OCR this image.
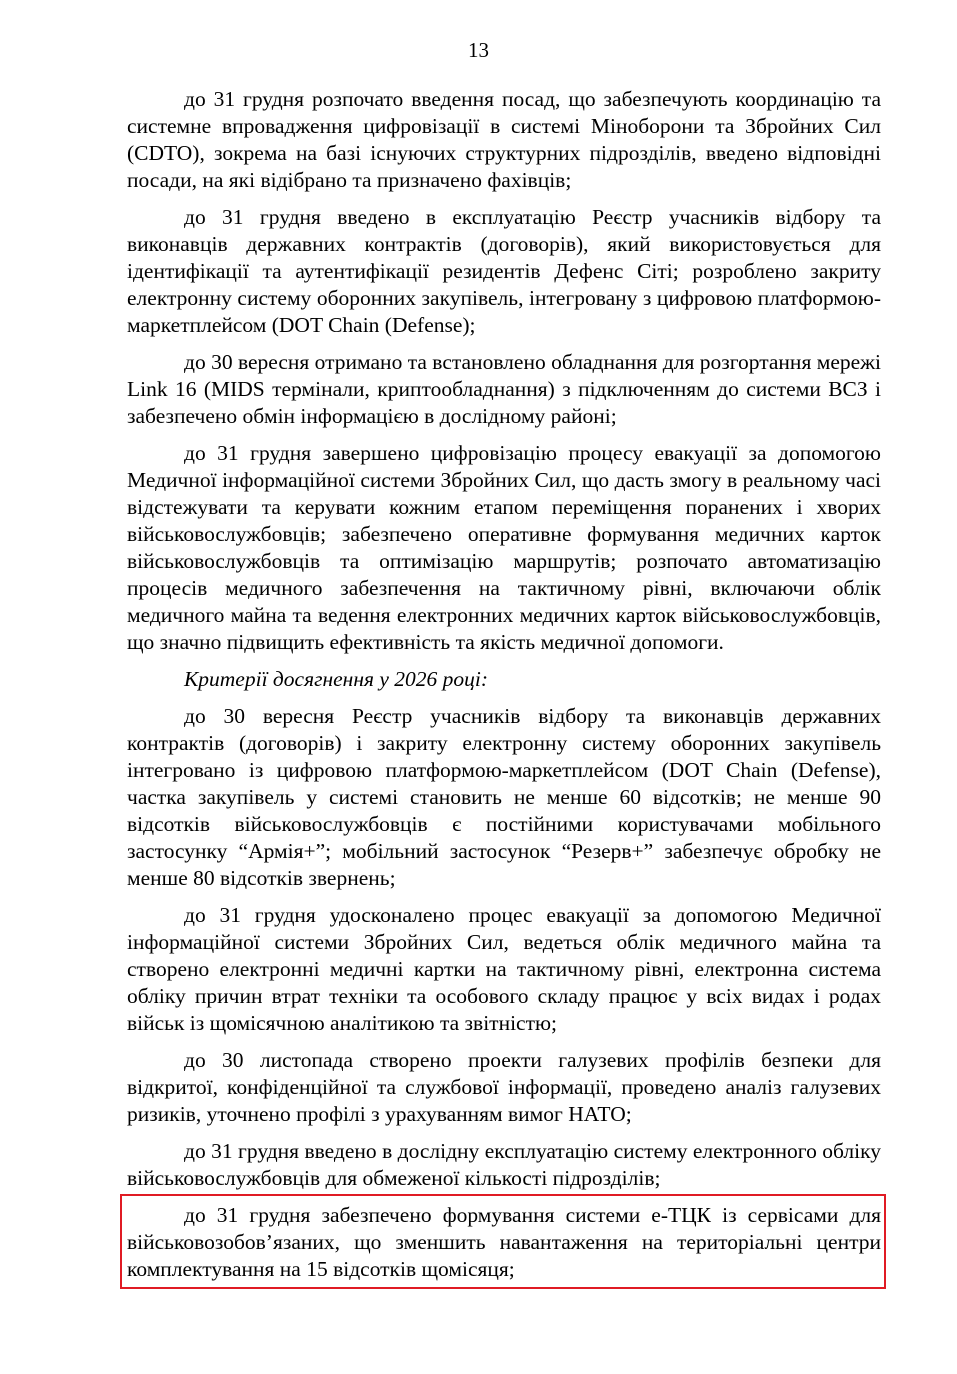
13

до 31 грудня розпочато введення посад, що забезпечують координацію та системне впровадження цифровізації в системі Міноборони та Збройних Сил (CDTO), зокрема на базі існуючих структурних підрозділів, введено відповідні посади, на які відібрано та призначено фахівців;

до 31 грудня введено в експлуатацію Реєстр учасників відбору та виконавців державних контрактів (договорів), який використовується для ідентифікації та аутентифікації резидентів Дефенс Сіті; розроблено закриту електронну систему оборонних закупівель, інтегровану з цифровою платформою-маркетплейсом (DOT Chain (Defense);

до 30 вересня отримано та встановлено обладнання для розгортання мережі Link 16 (MIDS термінали, криптообладнання) з підключенням до системи ВСЗ і забезпечено обмін інформацією в дослідному районі;

до 31 грудня завершено цифровізацію процесу евакуації за допомогою Медичної інформаційної системи Збройних Сил, що дасть змогу в реальному часі відстежувати та керувати кожним етапом переміщення поранених і хворих військовослужбовців; забезпечено оперативне формування медичних карток військовослужбовців та оптимізацію маршрутів; розпочато автоматизацію процесів медичного забезпечення на тактичному рівні, включаючи облік медичного майна та ведення електронних медичних карток військовослужбовців, що значно підвищить ефективність та якість медичної допомоги.

Критерії досягнення у 2026 році:

до 30 вересня Реєстр учасників відбору та виконавців державних контрактів (договорів) і закриту електронну систему оборонних закупівель інтегровано із цифровою платформою-маркетплейсом (DOT Chain (Defense), частка закупівель у системі становить не менше 60 відсотків; не менше 90 відсотків військовослужбовців є постійними користувачами мобільного застосунку “Армія+”; мобільний застосунок “Резерв+” забезпечує обробку не менше 80 відсотків звернень;

до 31 грудня удосконалено процес евакуації за допомогою Медичної інформаційної системи Збройних Сил, ведеться облік медичного майна та створено електронні медичні картки на тактичному рівні, електронна система обліку причин втрат техніки та особового складу працює у всіх видах і родах військ із щомісячною аналітикою та звітністю;

до 30 листопада створено проекти галузевих профілів безпеки для відкритої, конфіденційної та службової інформації, проведено аналіз галузевих ризиків, уточнено профілі з урахуванням вимог НАТО;

до 31 грудня введено в дослідну експлуатацію систему електронного обліку військовослужбовців для обмеженої кількості підрозділів;

до 31 грудня забезпечено формування системи е-ТЦК із сервісами для військовозобов’язаних, що зменшить навантаження на територіальні центри комплектування на 15 відсотків щомісяця;
